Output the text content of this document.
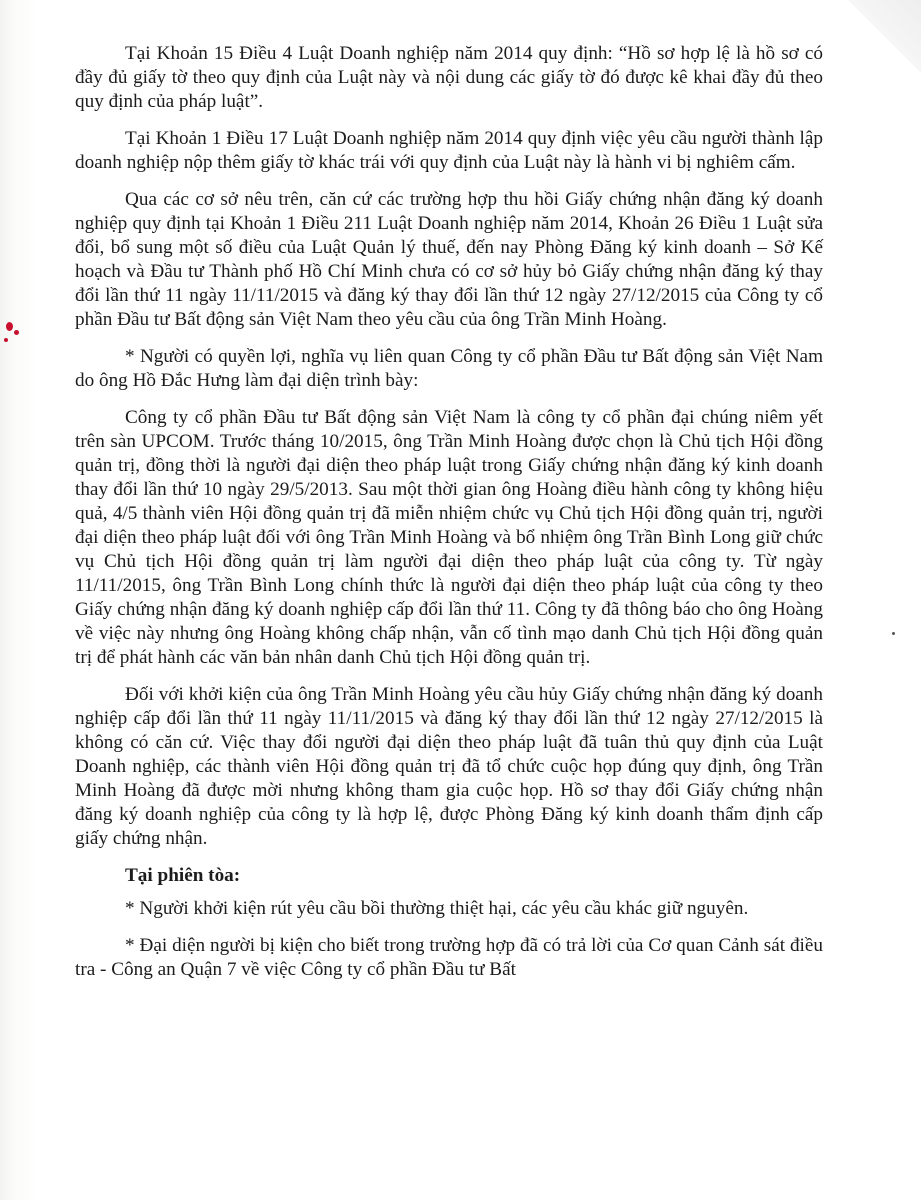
Tại Khoản 15 Điều 4 Luật Doanh nghiệp năm 2014 quy định: “Hồ sơ hợp lệ là hồ sơ có đầy đủ giấy tờ theo quy định của Luật này và nội dung các giấy tờ đó được kê khai đầy đủ theo quy định của pháp luật”.

Tại Khoản 1 Điều 17 Luật Doanh nghiệp năm 2014 quy định việc yêu cầu người thành lập doanh nghiệp nộp thêm giấy tờ khác trái với quy định của Luật này là hành vi bị nghiêm cấm.

Qua các cơ sở nêu trên, căn cứ các trường hợp thu hồi Giấy chứng nhận đăng ký doanh nghiệp quy định tại Khoản 1 Điều 211 Luật Doanh nghiệp năm 2014, Khoản 26 Điều 1 Luật sửa đổi, bổ sung một số điều của Luật Quản lý thuế, đến nay Phòng Đăng ký kinh doanh – Sở Kế hoạch và Đầu tư Thành phố Hồ Chí Minh chưa có cơ sở hủy bỏ Giấy chứng nhận đăng ký thay đổi lần thứ 11 ngày 11/11/2015 và đăng ký thay đổi lần thứ 12 ngày 27/12/2015 của Công ty cổ phần Đầu tư Bất động sản Việt Nam theo yêu cầu của ông Trần Minh Hoàng.

* Người có quyền lợi, nghĩa vụ liên quan Công ty cổ phần Đầu tư Bất động sản Việt Nam do ông Hồ Đắc Hưng làm đại diện trình bày:

Công ty cổ phần Đầu tư Bất động sản Việt Nam là công ty cổ phần đại chúng niêm yết trên sàn UPCOM. Trước tháng 10/2015, ông Trần Minh Hoàng được chọn là Chủ tịch Hội đồng quản trị, đồng thời là người đại diện theo pháp luật trong Giấy chứng nhận đăng ký kinh doanh thay đổi lần thứ 10 ngày 29/5/2013. Sau một thời gian ông Hoàng điều hành công ty không hiệu quả, 4/5 thành viên Hội đồng quản trị đã miễn nhiệm chức vụ Chủ tịch Hội đồng quản trị, người đại diện theo pháp luật đối với ông Trần Minh Hoàng và bổ nhiệm ông Trần Bình Long giữ chức vụ Chủ tịch Hội đồng quản trị làm người đại diện theo pháp luật của công ty. Từ ngày 11/11/2015, ông Trần Bình Long chính thức là người đại diện theo pháp luật của công ty theo Giấy chứng nhận đăng ký doanh nghiệp cấp đổi lần thứ 11. Công ty đã thông báo cho ông Hoàng về việc này nhưng ông Hoàng không chấp nhận, vẫn cố tình mạo danh Chủ tịch Hội đồng quản trị để phát hành các văn bản nhân danh Chủ tịch Hội đồng quản trị.

Đối với khởi kiện của ông Trần Minh Hoàng yêu cầu hủy Giấy chứng nhận đăng ký doanh nghiệp cấp đổi lần thứ 11 ngày 11/11/2015 và đăng ký thay đổi lần thứ 12 ngày 27/12/2015 là không có căn cứ. Việc thay đổi người đại diện theo pháp luật đã tuân thủ quy định của Luật Doanh nghiệp, các thành viên Hội đồng quản trị đã tổ chức cuộc họp đúng quy định, ông Trần Minh Hoàng đã được mời nhưng không tham gia cuộc họp. Hồ sơ thay đổi Giấy chứng nhận đăng ký doanh nghiệp của công ty là hợp lệ, được Phòng Đăng ký kinh doanh thẩm định cấp giấy chứng nhận.

Tại phiên tòa:

* Người khởi kiện rút yêu cầu bồi thường thiệt hại, các yêu cầu khác giữ nguyên.

* Đại diện người bị kiện cho biết trong trường hợp đã có trả lời của Cơ quan Cảnh sát điều tra - Công an Quận 7 về việc Công ty cổ phần Đầu tư Bất
